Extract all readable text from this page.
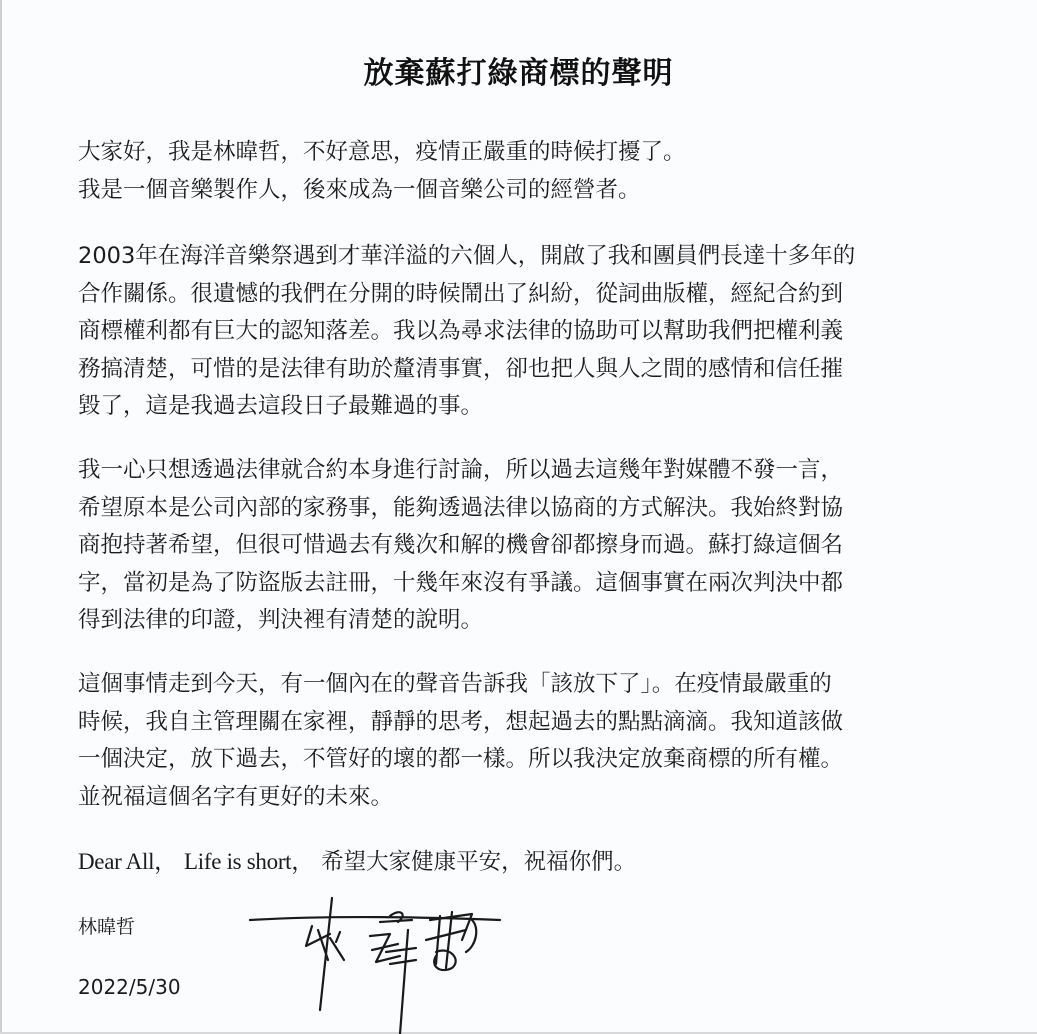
放棄蘇打綠商標的聲明

大家好，我是林暐哲，不好意思，疫情正嚴重的時候打擾了。
我是一個音樂製作人，後來成為一個音樂公司的經營者。

2003年在海洋音樂祭遇到才華洋溢的六個人，開啟了我和團員們長達十多年的
合作關係。很遺憾的我們在分開的時候鬧出了糾紛，從詞曲版權，經紀合約到
商標權利都有巨大的認知落差。我以為尋求法律的協助可以幫助我們把權利義
務搞清楚，可惜的是法律有助於釐清事實，卻也把人與人之間的感情和信任摧
毀了，這是我過去這段日子最難過的事。

我一心只想透過法律就合約本身進行討論，所以過去這幾年對媒體不發一言，
希望原本是公司內部的家務事，能夠透過法律以協商的方式解決。我始終對協
商抱持著希望，但很可惜過去有幾次和解的機會卻都擦身而過。蘇打綠這個名
字，當初是為了防盜版去註冊，十幾年來沒有爭議。這個事實在兩次判決中都
得到法律的印證，判決裡有清楚的說明。

這個事情走到今天，有一個內在的聲音告訴我「該放下了」。在疫情最嚴重的
時候，我自主管理關在家裡，靜靜的思考，想起過去的點點滴滴。我知道該做
一個決定，放下過去，不管好的壞的都一樣。所以我決定放棄商標的所有權。
並祝福這個名字有更好的未來。

Dear All， Life is short， 希望大家健康平安，祝福你們。
林暐哲
2022/5/30
